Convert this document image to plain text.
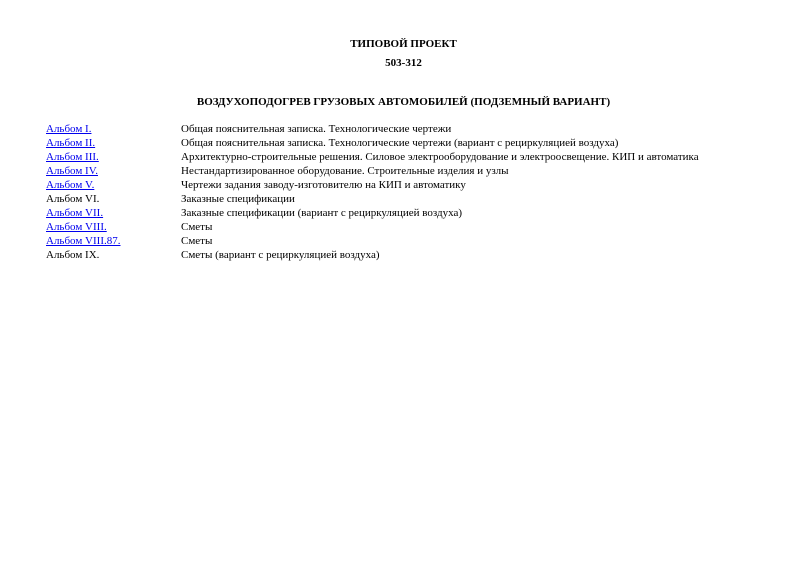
ТИПОВОЙ ПРОЕКТ
503-312
ВОЗДУХОПОДОГРЕВ ГРУЗОВЫХ АВТОМОБИЛЕЙ (ПОДЗЕМНЫЙ ВАРИАНТ)
Альбом I.	Общая пояснительная записка. Технологические чертежи
Альбом II.	Общая пояснительная записка. Технологические чертежи (вариант с рециркуляцией воздуха)
Альбом III.	Архитектурно-строительные решения. Силовое электрооборудование и электроосвещение. КИП и автоматика
Альбом IV.	Нестандартизированное оборудование. Строительные изделия и узлы
Альбом V.	Чертежи задания заводу-изготовителю на КИП и автоматику
Альбом VI.	Заказные спецификации
Альбом VII.	Заказные спецификации (вариант с рециркуляцией воздуха)
Альбом VIII.	Сметы
Альбом VIII.87.	Сметы
Альбом IX.	Сметы (вариант с рециркуляцией воздуха)
